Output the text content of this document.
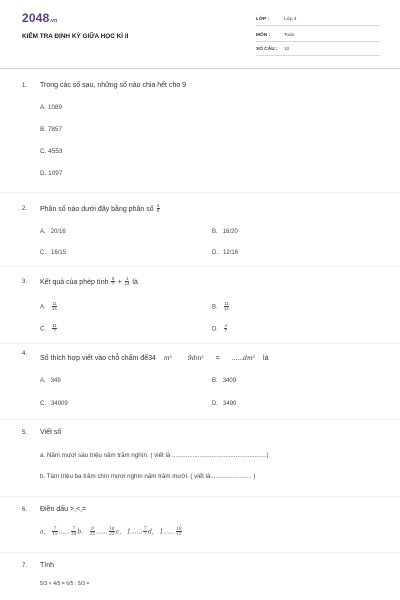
2048.vn
KIỂM TRA ĐỊNH KỲ GIỮA HỌC KÌ II
LỚP :	Lớp 4
MÔN :	Toán
SỐ CÂU : 10
1. Trong các số sau, những số nào chia hết cho 9
A. 1089
B. 7857
C. 4553
D. 1097
2. Phân số nào dưới đây bằng phân số $\frac{4}{5}$
A. 20/16	B. 16/20
C. 16/15	D. 12/16
3. Kết quả của phép tính $\frac{5}{7} + \frac{1}{14}$ là
A. $\frac{11}{14}$	B. $\frac{11}{14}$
C. $\frac{11}{7}$	D. $\frac{4}{7}$
4.
Số thích hợp viết vào chỗ chấm để34 m²	9dm² = ......dm² là
A. 349	B. 3409
C. 34009	D. 3490
5. Viết số
a. Năm mươi sáu triệu năm trăm nghìn. ( viết là .......................................................)
b. Tám triệu ba trăm chín mươi nghìn năm trăm mười. ( viết là........................ )
6. Điền dấu >,<,=
a, $\frac{7}{15}$ ...... $\frac{7}{14} b$. $\frac{9}{25}$ ...... $\frac{10}{25} c$, 1...... $\frac{7}{7} d$, 1...... $\frac{10}{15}$
7. Tính
5/3 × 4/5 = 6/5 : 5/3 =
